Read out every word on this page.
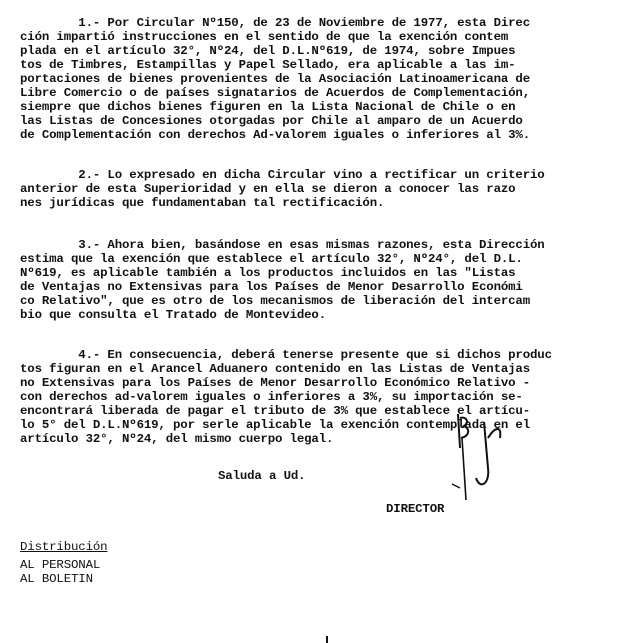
1.- Por Circular Nº150, de 23 de Noviembre de 1977, esta Direc
ción impartió instrucciones en el sentido de que la exención contem
plada en el artículo 32°, Nº24, del D.L.Nº619, de 1974, sobre Impues
tos de Timbres, Estampillas y Papel Sellado, era aplicable a las im-
portaciones de bienes provenientes de la Asociación Latinoamericana de
Libre Comercio o de países signatarios de Acuerdos de Complementación,
siempre que dichos bienes figuren en la Lista Nacional de Chile o en
las Listas de Concesiones otorgadas por Chile al amparo de un Acuerdo
de Complementación con derechos Ad-valorem iguales o inferiores al 3%.
2.- Lo expresado en dicha Circular vino a rectificar un criterio
anterior de esta Superioridad y en ella se dieron a conocer las razo
nes jurídicas que fundamentaban tal rectificación.
3.- Ahora bien, basándose en esas mismas razones, esta Dirección
estima que la exención que establece el artículo 32°, Nº24°, del D.L.
Nº619, es aplicable también a los productos incluidos en las "Listas
de Ventajas no Extensivas para los Países de Menor Desarrollo Económi
co Relativo", que es otro de los mecanismos de liberación del intercam
bio que consulta el Tratado de Montevideo.
4.- En consecuencia, deberá tenerse presente que si dichos produc
tos figuran en el Arancel Aduanero contenido en las Listas de Ventajas
no Extensivas para los Países de Menor Desarrollo Económico Relativo -
con derechos ad-valorem iguales o inferiores a 3%, su importación se-
encontrará liberada de pagar el tributo de 3% que establece el artícu-
lo 5° del D.L.Nº619, por serle aplicable la exención contemplada en el
artículo 32°, Nº24, del mismo cuerpo legal.
Saluda a Ud.
DIRECTOR
Distribución
AL PERSONAL
AL BOLETIN
